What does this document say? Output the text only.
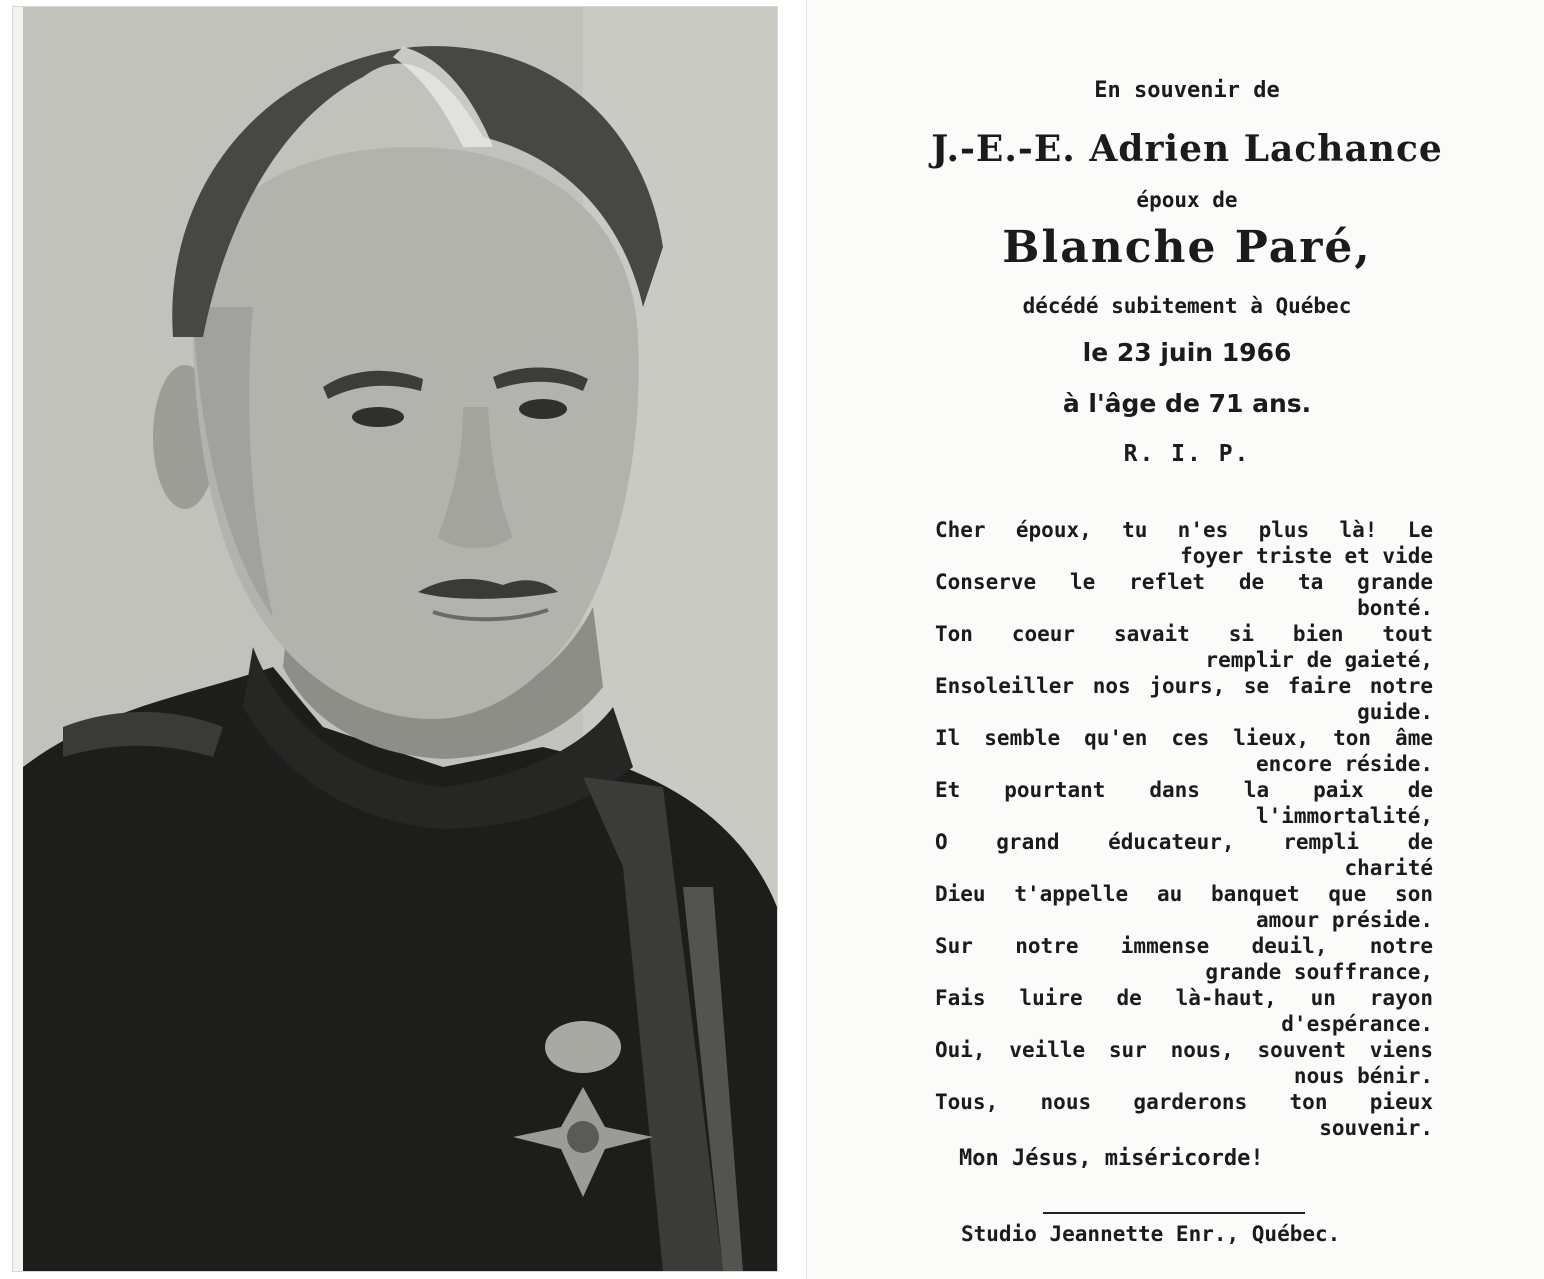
En souvenir de
J.-E.-E. Adrien Lachance
époux de
Blanche Paré,
décédé subitement à Québec
le 23 juin 1966
à l'âge de 71 ans.
R. I. P.
Cher époux, tu n'es plus là! Le
foyer triste et vide
Conserve le reflet de ta grande
bonté.
Ton coeur savait si bien tout
remplir de gaieté,
Ensoleiller nos jours, se faire notre
guide.
Il semble qu'en ces lieux, ton âme
encore réside.
Et pourtant dans la paix de
l'immortalité,
O grand éducateur, rempli de
charité
Dieu t'appelle au banquet que son
amour préside.
Sur notre immense deuil, notre
grande souffrance,
Fais luire de là-haut, un rayon
d'espérance.
Oui, veille sur nous, souvent viens
nous bénir.
Tous, nous garderons ton pieux
souvenir.
Mon Jésus, miséricorde!
Studio Jeannette Enr., Québec.
